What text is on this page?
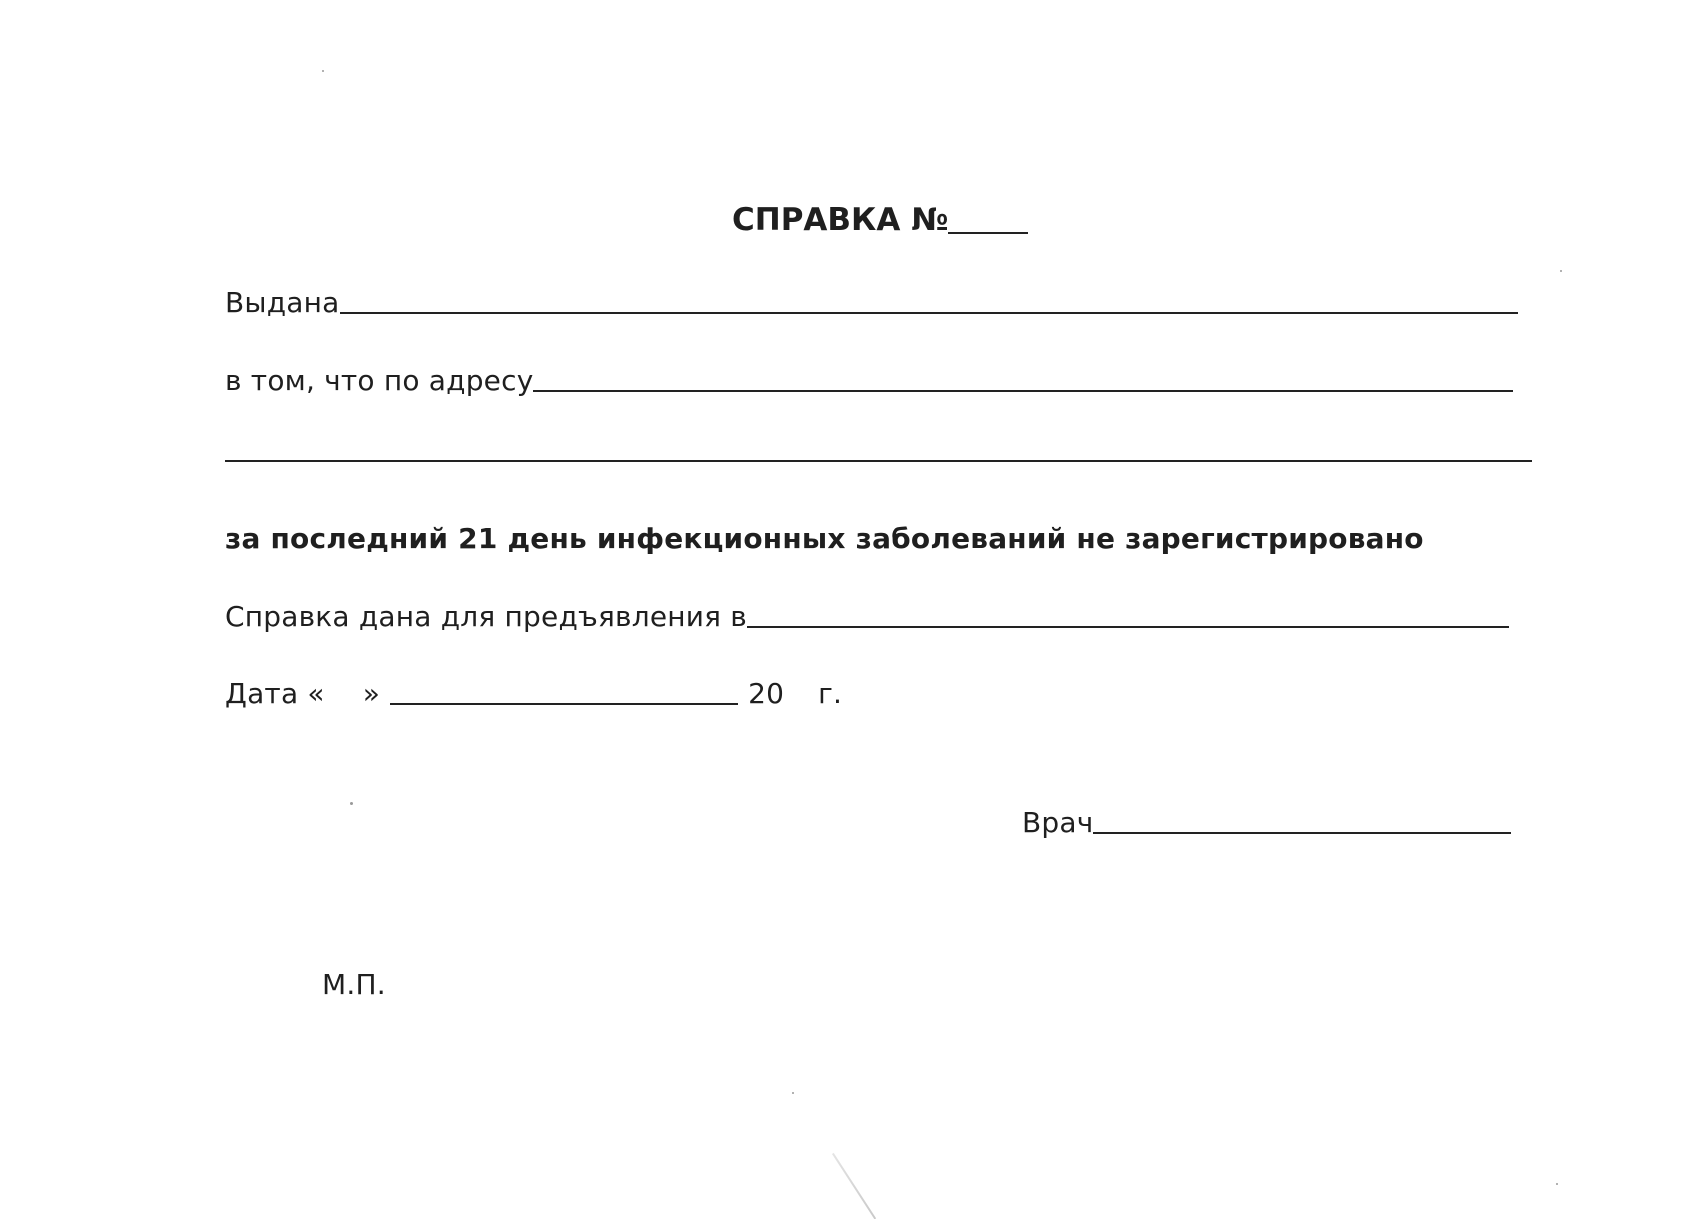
СПРАВКА №
Выдана
в том, что по адресу
за последний 21 день инфекционных заболеваний не зарегистрировано
Справка дана для предъявления в
Дата « »	20 г.
Врач
М.П.
